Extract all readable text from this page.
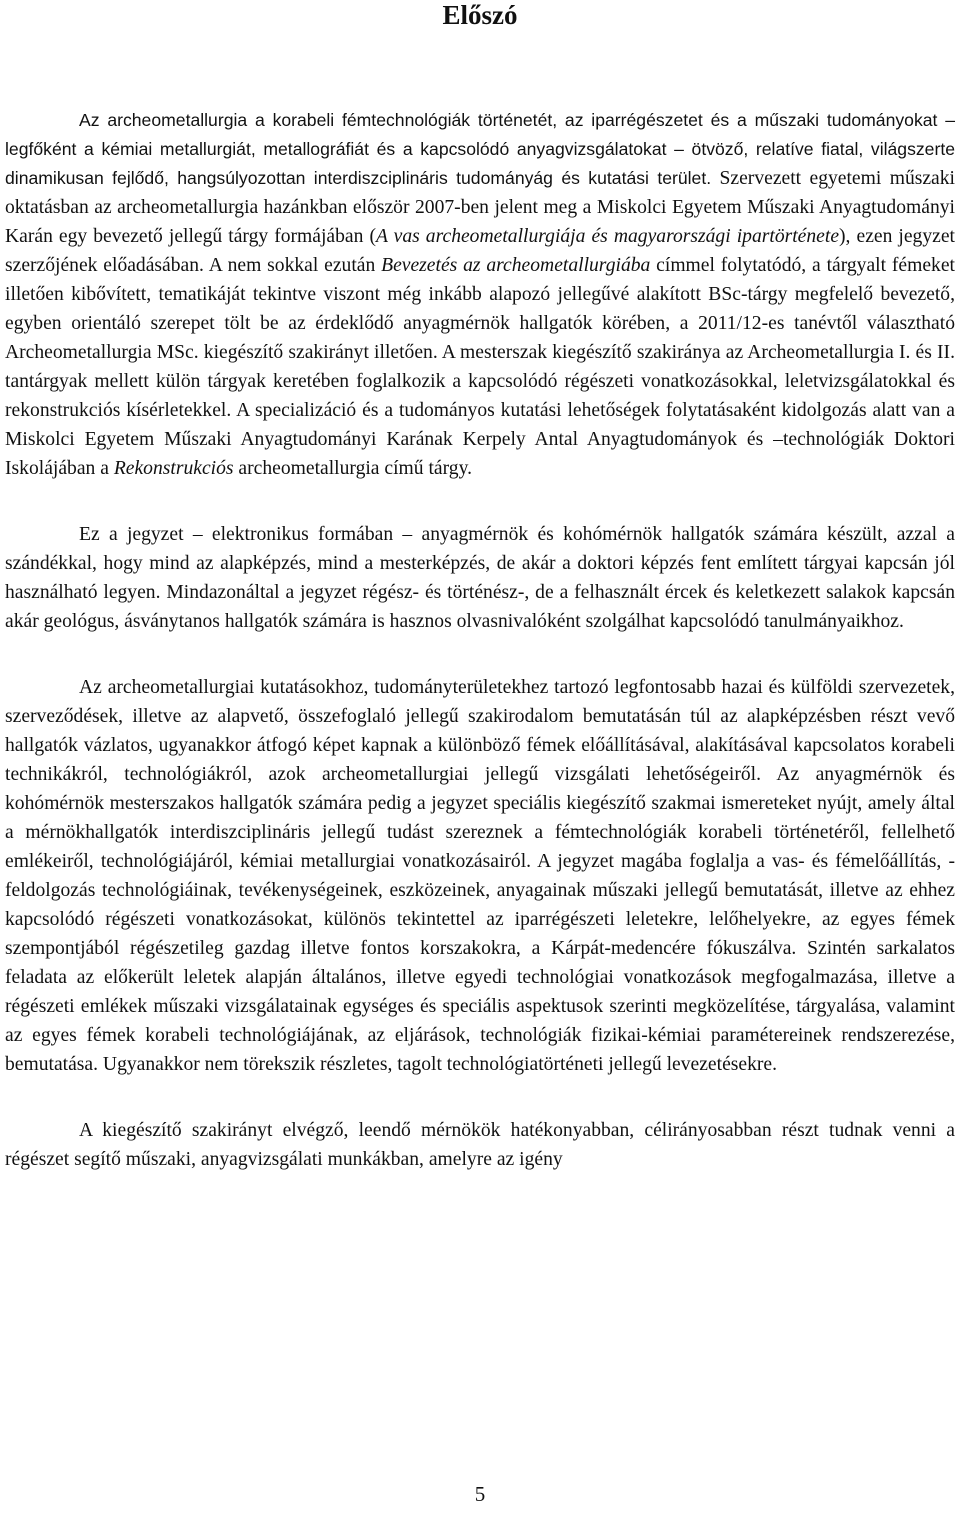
Előszó

Az archeometallurgia a korabeli fémtechnológiák történetét, az iparrégészetet és a műszaki tudományokat – legfőként a kémiai metallurgiát, metallográfiát és a kapcsolódó anyagvizsgálatokat – ötvöző, relatíve fiatal, világszerte dinamikusan fejlődő, hangsúlyozottan interdiszciplináris tudományág és kutatási terület. Szervezett egyetemi műszaki oktatásban az archeometallurgia hazánkban először 2007-ben jelent meg a Miskolci Egyetem Műszaki Anyagtudományi Karán egy bevezető jellegű tárgy formájában (A vas archeometallurgiája és magyarországi ipartörténete), ezen jegyzet szerzőjének előadásában. A nem sokkal ezután Bevezetés az archeometallurgiába címmel folytatódó, a tárgyalt fémeket illetően kibővített, tematikáját tekintve viszont még inkább alapozó jellegűvé alakított BSc-tárgy megfelelő bevezető, egyben orientáló szerepet tölt be az érdeklődő anyagmérnök hallgatók körében, a 2011/12-es tanévtől választható Archeometallurgia MSc. kiegészítő szakirányt illetően. A mesterszak kiegészítő szakiránya az Archeometallurgia I. és II. tantárgyak mellett külön tárgyak keretében foglalkozik a kapcsolódó régészeti vonatkozásokkal, leletvizsgálatokkal és rekonstrukciós kísérletekkel. A specializáció és a tudományos kutatási lehetőségek folytatásaként kidolgozás alatt van a Miskolci Egyetem Műszaki Anyagtudományi Karának Kerpely Antal Anyagtudományok és –technológiák Doktori Iskolájában a Rekonstrukciós archeometallurgia című tárgy.

Ez a jegyzet – elektronikus formában – anyagmérnök és kohómérnök hallgatók számára készült, azzal a szándékkal, hogy mind az alapképzés, mind a mesterképzés, de akár a doktori képzés fent említett tárgyai kapcsán jól használható legyen. Mindazonáltal a jegyzet régész- és történész-, de a felhasznált ércek és keletkezett salakok kapcsán akár geológus, ásványtanos hallgatók számára is hasznos olvasnivalóként szolgálhat kapcsolódó tanulmányaikhoz.

Az archeometallurgiai kutatásokhoz, tudományterületekhez tartozó legfontosabb hazai és külföldi szervezetek, szerveződések, illetve az alapvető, összefoglaló jellegű szakirodalom bemutatásán túl az alapképzésben részt vevő hallgatók vázlatos, ugyanakkor átfogó képet kapnak a különböző fémek előállításával, alakításával kapcsolatos korabeli technikákról, technológiákról, azok archeometallurgiai jellegű vizsgálati lehetőségeiről. Az anyagmérnök és kohómérnök mesterszakos hallgatók számára pedig a jegyzet speciális kiegészítő szakmai ismereteket nyújt, amely által a mérnökhallgatók interdiszciplináris jellegű tudást szereznek a fémtechnológiák korabeli történetéről, fellelhető emlékeiről, technológiájáról, kémiai metallurgiai vonatkozásairól. A jegyzet magába foglalja a vas- és fémelőállítás, -feldolgozás technológiáinak, tevékenységeinek, eszközeinek, anyagainak műszaki jellegű bemutatását, illetve az ehhez kapcsolódó régészeti vonatkozásokat, különös tekintettel az iparrégészeti leletekre, lelőhelyekre, az egyes fémek szempontjából régészetileg gazdag illetve fontos korszakokra, a Kárpát-medencére fókuszálva. Szintén sarkalatos feladata az előkerült leletek alapján általános, illetve egyedi technológiai vonatkozások megfogalmazása, illetve a régészeti emlékek műszaki vizsgálatainak egységes és speciális aspektusok szerinti megközelítése, tárgyalása, valamint az egyes fémek korabeli technológiájának, az eljárások, technológiák fizikai-kémiai paramétereinek rendszerezése, bemutatása. Ugyanakkor nem törekszik részletes, tagolt technológiatörténeti jellegű levezetésekre.

A kiegészítő szakirányt elvégző, leendő mérnökök hatékonyabban, célirányosabban részt tudnak venni a régészet segítő műszaki, anyagvizsgálati munkákban, amelyre az igény

5
